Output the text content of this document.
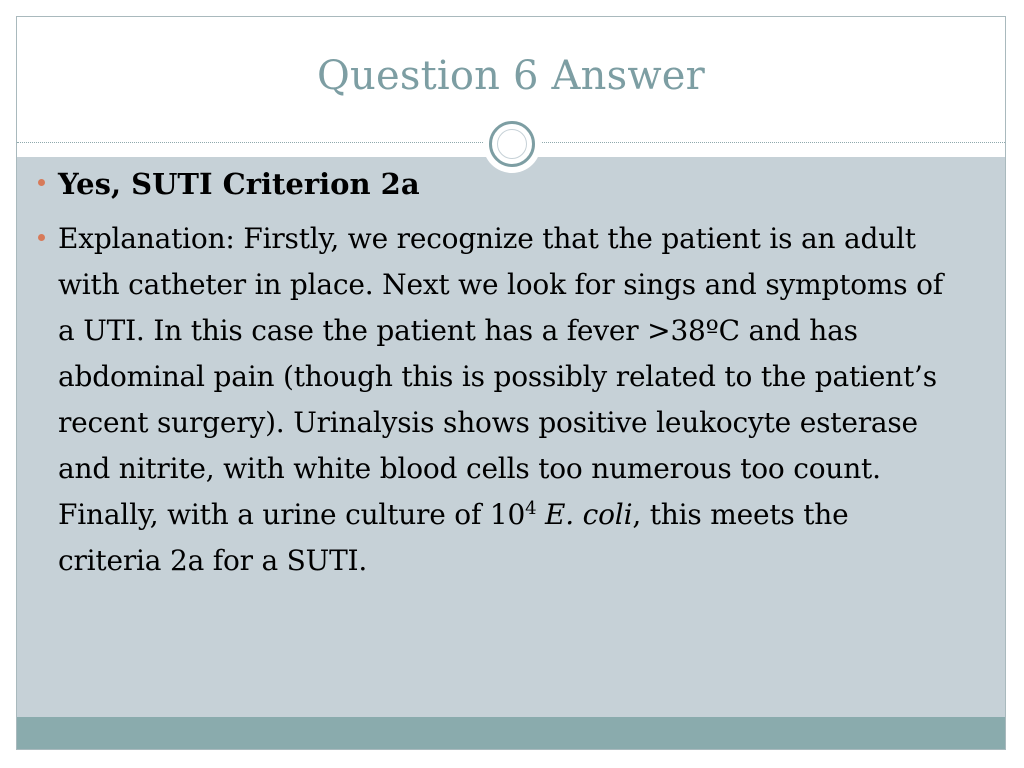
Question 6 Answer
Yes, SUTI Criterion 2a
Explanation: Firstly, we recognize that the patient is an adult with catheter in place. Next we look for sings and symptoms of a UTI. In this case the patient has a fever >38ºC and has abdominal pain (though this is possibly related to the patient’s recent surgery). Urinalysis shows positive leukocyte esterase and nitrite, with white blood cells too numerous too count. Finally, with a urine culture of $10^4$ E. coli, this meets the criteria 2a for a SUTI.
